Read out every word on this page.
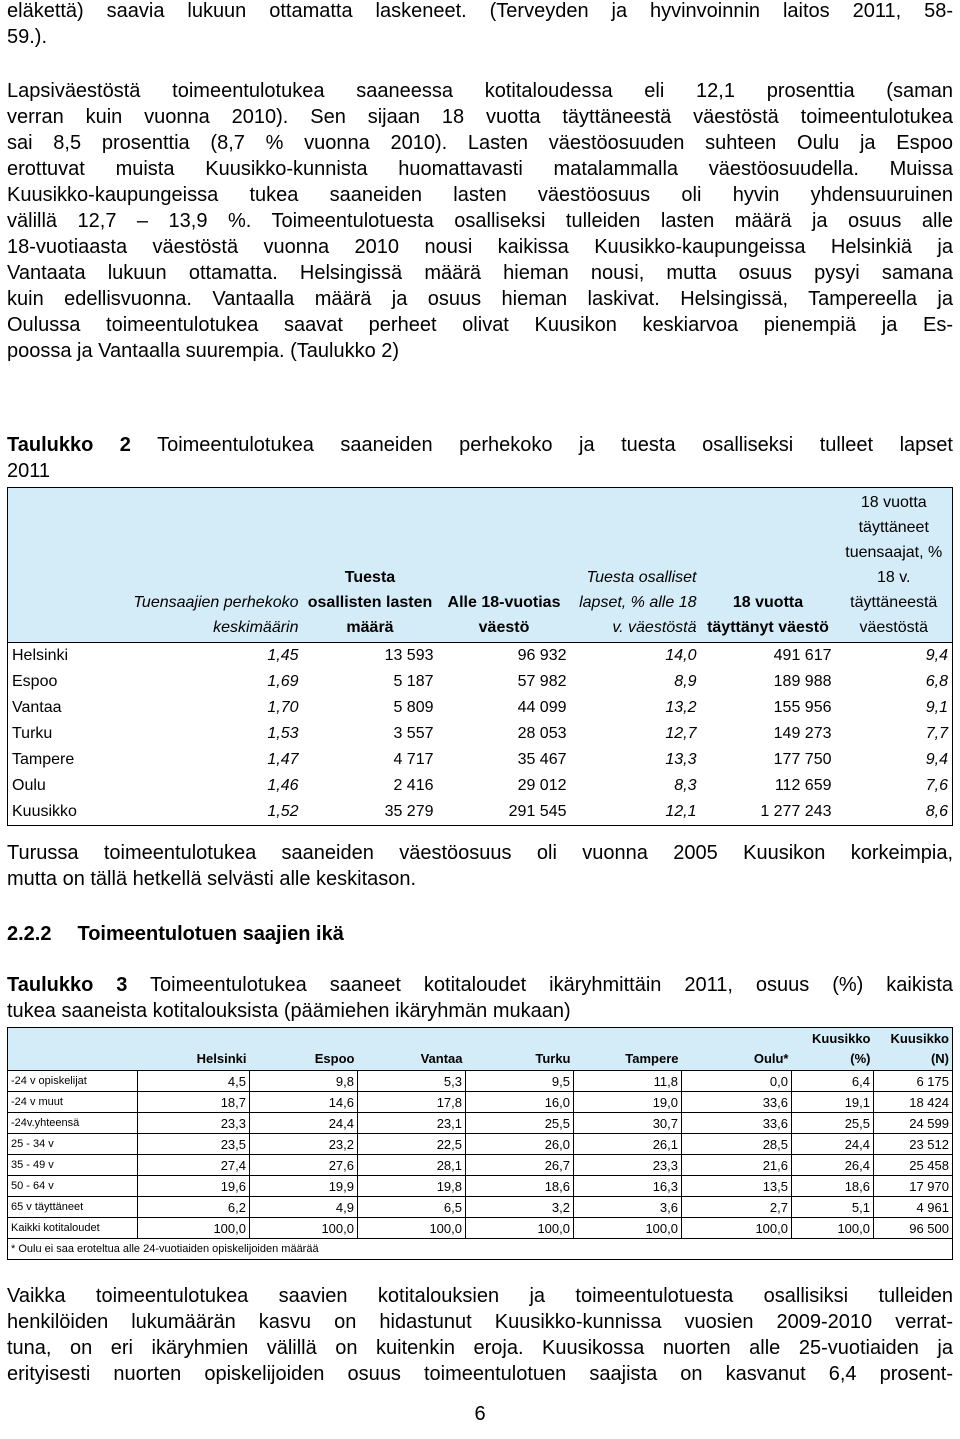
eläkettä) saavia lukuun ottamatta laskeneet. (Terveyden ja hyvinvoinnin laitos 2011, 58-
59.).
Lapsiväestöstä toimeentulotukea saaneessa kotitaloudessa eli 12,1 prosenttia (saman
verran kuin vuonna 2010). Sen sijaan 18 vuotta täyttäneestä väestöstä toimeentulotukea
sai 8,5 prosenttia (8,7 % vuonna 2010). Lasten väestöosuuden suhteen Oulu ja Espoo
erottuvat muista Kuusikko-kunnista huomattavasti matalammalla väestöosuudella. Muissa
Kuusikko-kaupungeissa tukea saaneiden lasten väestöosuus oli hyvin yhdensuuruinen
välillä 12,7 – 13,9 %. Toimeentulotuesta osalliseksi tulleiden lasten määrä ja osuus alle
18-vuotiaasta väestöstä vuonna 2010 nousi kaikissa Kuusikko-kaupungeissa Helsinkiä ja
Vantaata lukuun ottamatta. Helsingissä määrä hieman nousi, mutta osuus pysyi samana
kuin edellisvuonna. Vantaalla määrä ja osuus hieman laskivat. Helsingissä, Tampereella ja
Oulussa toimeentulotukea saavat perheet olivat Kuusikon keskiarvoa pienempiä ja Es-
poossa ja Vantaalla suurempia. (Taulukko 2)
Taulukko 2 Toimeentulotukea saaneiden perhekoko ja tuesta osalliseksi tulleet lapset
2011
	Tuensaajien perhekoko keskimäärin	Tuesta osallisten lasten määrä	Alle 18-vuotias väestö	Tuesta osalliset lapset, % alle 18 v. väestöstä	18 vuotta täyttänyt väestö	18 vuotta täyttäneet tuensaajat, % 18 v. täyttäneestä väestöstä
Helsinki	1,45	13 593	96 932	14,0	491 617	9,4
Espoo	1,69	5 187	57 982	8,9	189 988	6,8
Vantaa	1,70	5 809	44 099	13,2	155 956	9,1
Turku	1,53	3 557	28 053	12,7	149 273	7,7
Tampere	1,47	4 717	35 467	13,3	177 750	9,4
Oulu	1,46	2 416	29 012	8,3	112 659	7,6
Kuusikko	1,52	35 279	291 545	12,1	1 277 243	8,6
Turussa toimeentulotukea saaneiden väestöosuus oli vuonna 2005 Kuusikon korkeimpia,
mutta on tällä hetkellä selvästi alle keskitason.
2.2.2 Toimeentulotuen saajien ikä
Taulukko 3 Toimeentulotukea saaneet kotitaloudet ikäryhmittäin 2011, osuus (%) kaikista
tukea saaneista kotitalouksista (päämiehen ikäryhmän mukaan)
	Helsinki	Espoo	Vantaa	Turku	Tampere	Oulu*	Kuusikko (%)	Kuusikko (N)
-24 v opiskelijat	4,5	9,8	5,3	9,5	11,8	0,0	6,4	6 175
-24 v muut	18,7	14,6	17,8	16,0	19,0	33,6	19,1	18 424
-24v.yhteensä	23,3	24,4	23,1	25,5	30,7	33,6	25,5	24 599
25 - 34 v	23,5	23,2	22,5	26,0	26,1	28,5	24,4	23 512
35 - 49 v	27,4	27,6	28,1	26,7	23,3	21,6	26,4	25 458
50 - 64 v	19,6	19,9	19,8	18,6	16,3	13,5	18,6	17 970
65 v täyttäneet	6,2	4,9	6,5	3,2	3,6	2,7	5,1	4 961
Kaikki kotitaloudet	100,0	100,0	100,0	100,0	100,0	100,0	100,0	96 500
* Oulu ei saa eroteltua alle 24-vuotiaiden opiskelijoiden määrää								
Vaikka toimeentulotukea saavien kotitalouksien ja toimeentulotuesta osallisiksi tulleiden
henkilöiden lukumäärän kasvu on hidastunut Kuusikko-kunnissa vuosien 2009-2010 verrat-
tuna, on eri ikäryhmien välillä on kuitenkin eroja. Kuusikossa nuorten alle 25-vuotiaiden ja
erityisesti nuorten opiskelijoiden osuus toimeentulotuen saajista on kasvanut 6,4 prosent-
6
